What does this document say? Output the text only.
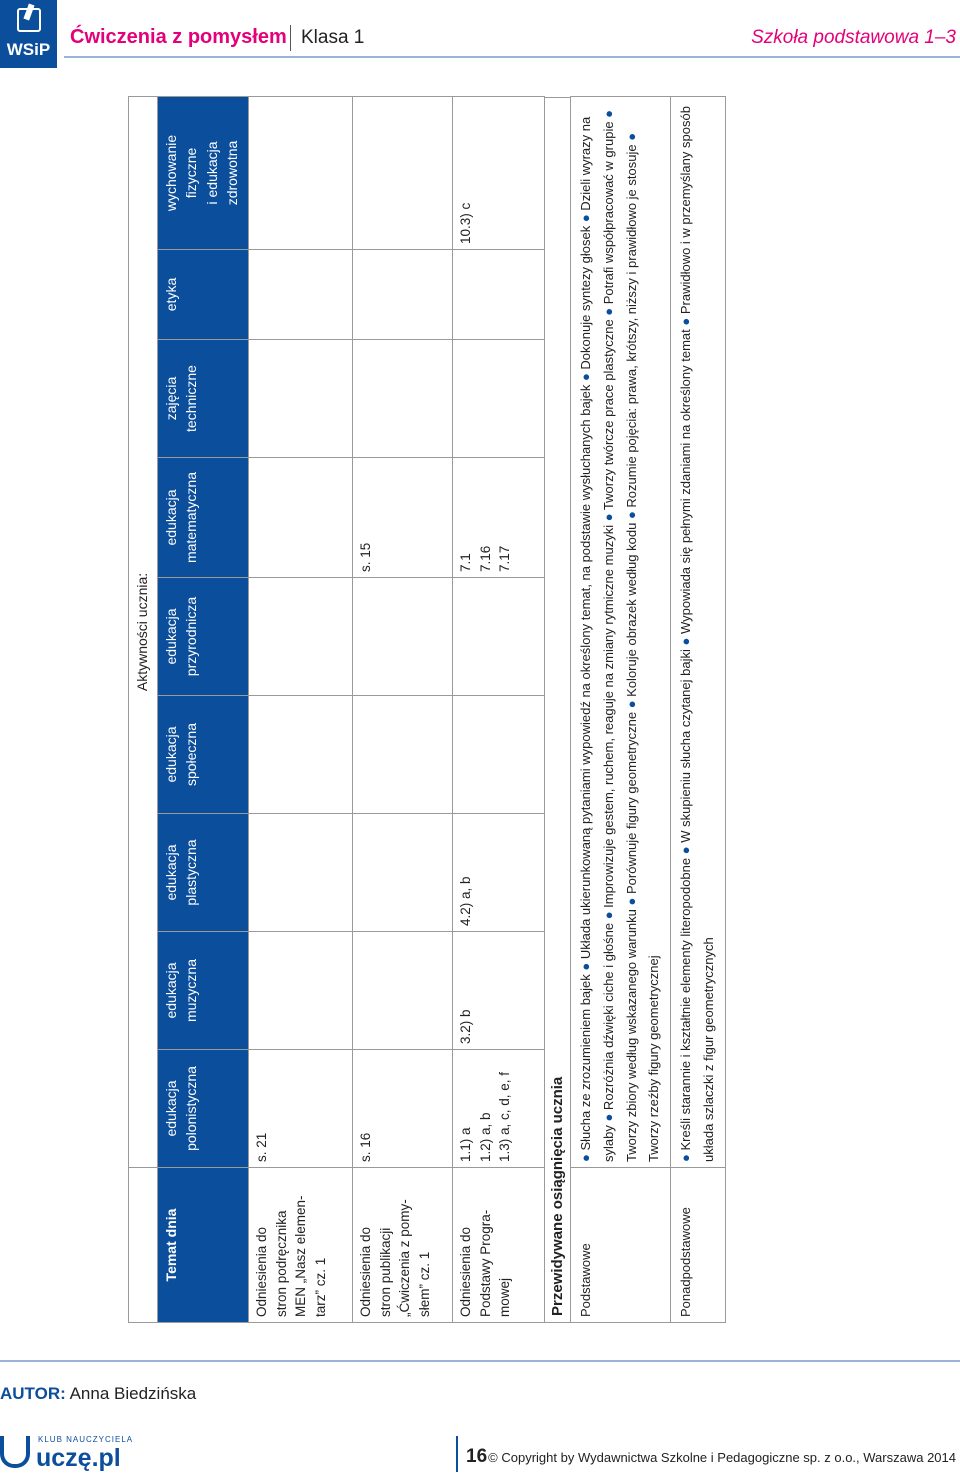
WSiP
Ćwiczenia z pomysłem Klasa 1	Szkoła podstawowa 1–3
	Aktywności ucznia:								
Temat dnia	edukacja polonistyczna	edukacja muzyczna	edukacja plastyczna	edukacja społeczna	edukacja przyrodnicza	edukacja matematyczna	zajęcia techniczne	etyka	wychowanie fizyczne i edukacja zdrowotna
Odniesienia do stron podręcznika MEN „Nasz elemen- tarz” cz. 1	s. 21								
Odniesienia do stron publikacji „Ćwiczenia z pomy- słem” cz. 1	s. 16					s. 15			
Odniesienia do Podstawy Progra- mowej	1.1) a 1.2) a, b 1.3) a, c, d, e, f	3.2) b	4.2) a, b			7.1 7.16 7.17			10.3) c
Przewidywane osiągnięcia ucznia Podstawowe	● Słucha ze zrozumieniem bajek ● Układa ukierunkowaną pytaniami wypowiedź na określony temat, na podstawie wysłuchanych bajek ● Dokonuje syntezy głosek ● Dzieli wyrazy na sylaby ● Rozróżnia dźwięki ciche i głośne ● Improwizuje gestem, ruchem, reaguje na zmiany rytmiczne muzyki ● Tworzy twórcze prace plastyczne ● Potrafi współpracować w grupie ● Tworzy zbiory według wskazanego warunku ● Porównuje figury geometryczne ● Koloruje obrazek według kodu ● Rozumie pojęcia: prawa, krótszy, niższy i prawidłowo je stosuje ● Tworzy rzeźby figury geometrycznej
Ponadpodstawowe	● Kreśli starannie i kształtnie elementy literopodobne ● W skupieniu słucha czytanej bajki ● Wypowiada się pełnymi zdaniami na określony temat ● Prawidłowo i w przemyślany sposób układa szlaczki z figur geometrycznych
AUTOR: Anna Biedzińska
KLUB NAUCZYCIELA
uczę.pl	16 © Copyright by Wydawnictwa Szkolne i Pedagogiczne sp. z o.o., Warszawa 2014
